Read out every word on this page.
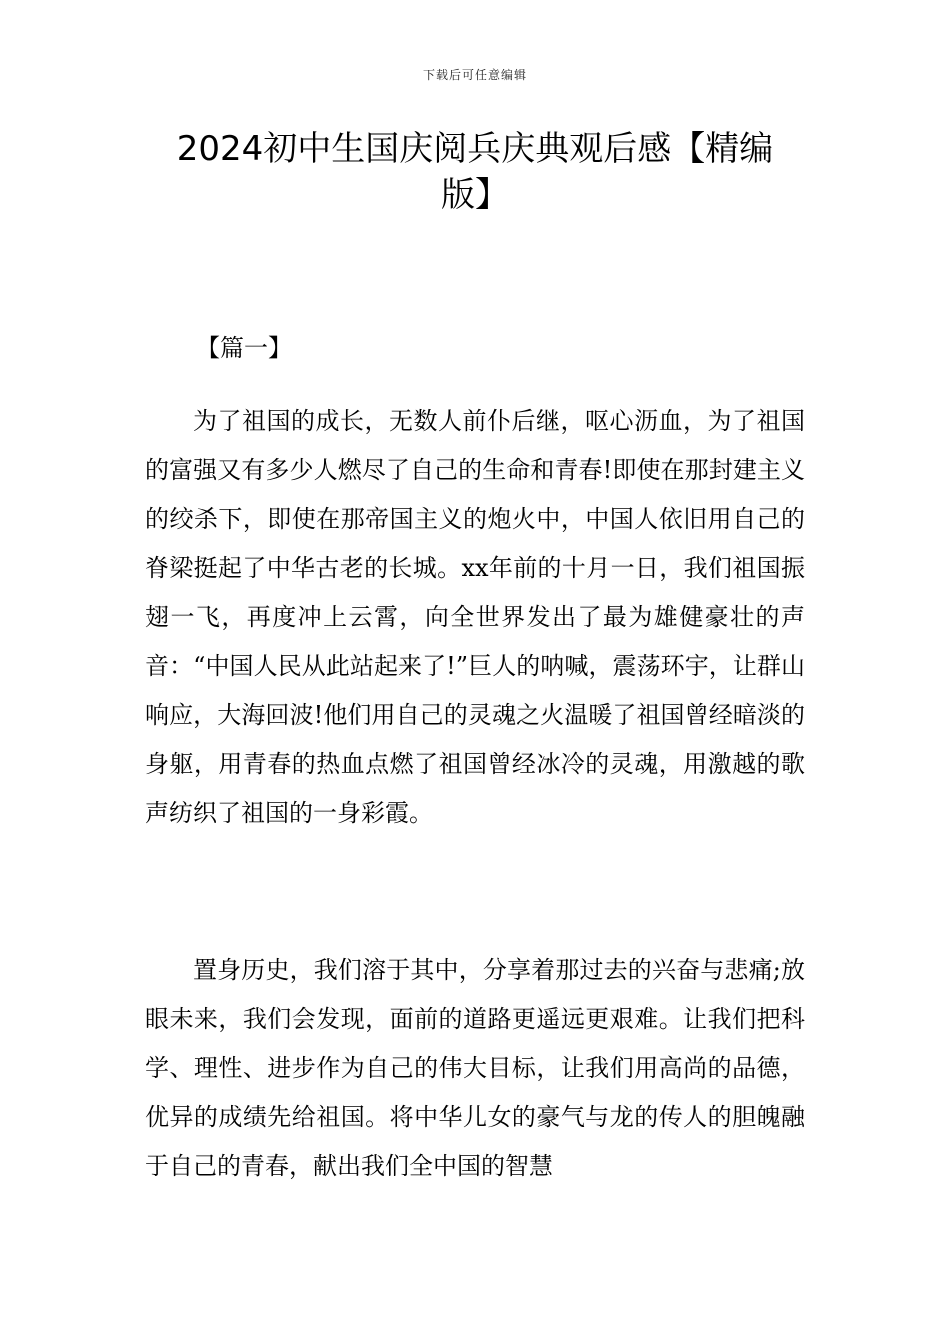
下载后可任意编辑
2024初中生国庆阅兵庆典观后感【精编版】
【篇一】

为了祖国的成长，无数人前仆后继，呕心沥血，为了祖国的富强又有多少人燃尽了自己的生命和青春!即使在那封建主义的绞杀下，即使在那帝国主义的炮火中，中国人依旧用自己的脊梁挺起了中华古老的长城。xx年前的十月一日，我们祖国振翅一飞，再度冲上云霄，向全世界发出了最为雄健豪壮的声音：“中国人民从此站起来了!”巨人的呐喊，震荡环宇，让群山响应，大海回波!他们用自己的灵魂之火温暖了祖国曾经暗淡的身躯，用青春的热血点燃了祖国曾经冰冷的灵魂，用激越的歌声纺织了祖国的一身彩霞。

置身历史，我们溶于其中，分享着那过去的兴奋与悲痛;放眼未来，我们会发现，面前的道路更遥远更艰难。让我们把科学、理性、进步作为自己的伟大目标，让我们用高尚的品德，优异的成绩先给祖国。将中华儿女的豪气与龙的传人的胆魄融于自己的青春，献出我们全中国的智慧
